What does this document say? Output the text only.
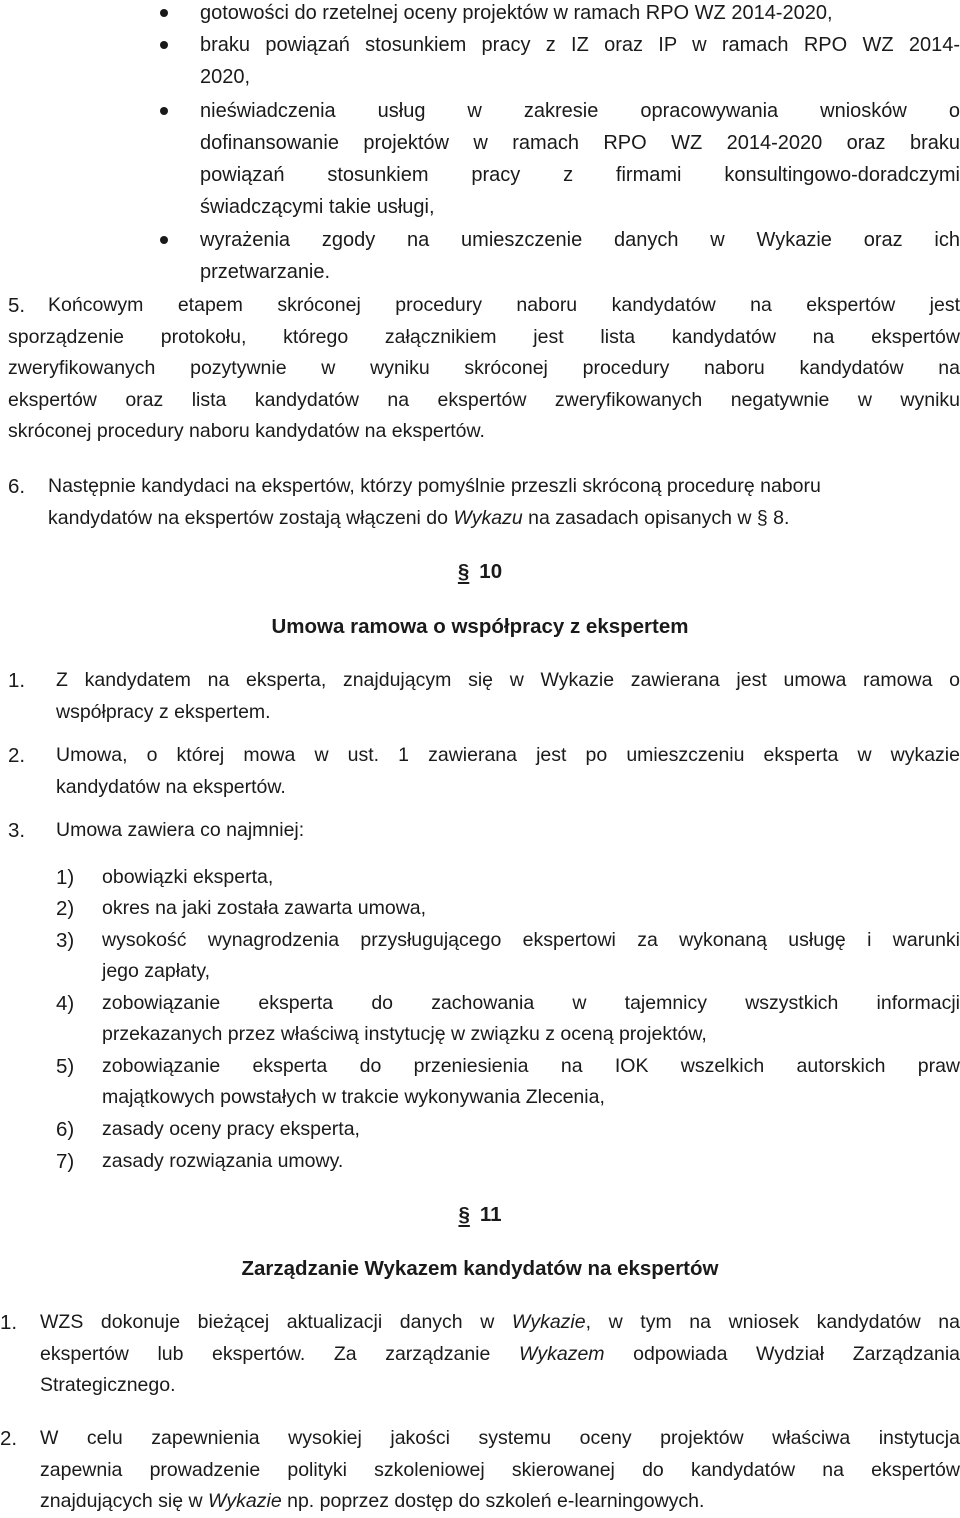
gotowości do rzetelnej oceny projektów w ramach RPO WZ 2014-2020,
braku powiązań stosunkiem pracy z IZ oraz IP w ramach RPO WZ 2014-
2020,
nieświadczenia usług w zakresie opracowywania wniosków o
dofinansowanie projektów w ramach RPO WZ 2014-2020 oraz braku
powiązań stosunkiem pracy z firmami konsultingowo-doradczymi
świadczącymi takie usługi,
wyrażenia zgody na umieszczenie danych w Wykazie oraz ich
przetwarzanie.
5. Końcowym etapem skróconej procedury naboru kandydatów na ekspertów jest
sporządzenie protokołu, którego załącznikiem jest lista kandydatów na ekspertów
zweryfikowanych pozytywnie w wyniku skróconej procedury naboru kandydatów na
ekspertów oraz lista kandydatów na ekspertów zweryfikowanych negatywnie w wyniku
skróconej procedury naboru kandydatów na ekspertów.
6. Następnie kandydaci na ekspertów, którzy pomyślnie przeszli skróconą procedurę naboru
kandydatów na ekspertów zostają włączeni do Wykazu na zasadach opisanych w § 8.
§ 10
Umowa ramowa o współpracy z ekspertem
1. Z kandydatem na eksperta, znajdującym się w Wykazie zawierana jest umowa ramowa o
współpracy z ekspertem.
2. Umowa, o której mowa w ust. 1 zawierana jest po umieszczeniu eksperta w wykazie
kandydatów na ekspertów.
3. Umowa zawiera co najmniej:
1) obowiązki eksperta,
2) okres na jaki została zawarta umowa,
3) wysokość wynagrodzenia przysługującego ekspertowi za wykonaną usługę i warunki
jego zapłaty,
4) zobowiązanie eksperta do zachowania w tajemnicy wszystkich informacji
przekazanych przez właściwą instytucję w związku z oceną projektów,
5) zobowiązanie eksperta do przeniesienia na IOK wszelkich autorskich praw
majątkowych powstałych w trakcie wykonywania Zlecenia,
6) zasady oceny pracy eksperta,
7) zasady rozwiązania umowy.
§ 11
Zarządzanie Wykazem kandydatów na ekspertów
1. WZS dokonuje bieżącej aktualizacji danych w Wykazie, w tym na wniosek kandydatów na
ekspertów lub ekspertów. Za zarządzanie Wykazem odpowiada Wydział Zarządzania
Strategicznego.
2. W celu zapewnienia wysokiej jakości systemu oceny projektów właściwa instytucja
zapewnia prowadzenie polityki szkoleniowej skierowanej do kandydatów na ekspertów
znajdujących się w Wykazie np. poprzez dostęp do szkoleń e-learningowych.
